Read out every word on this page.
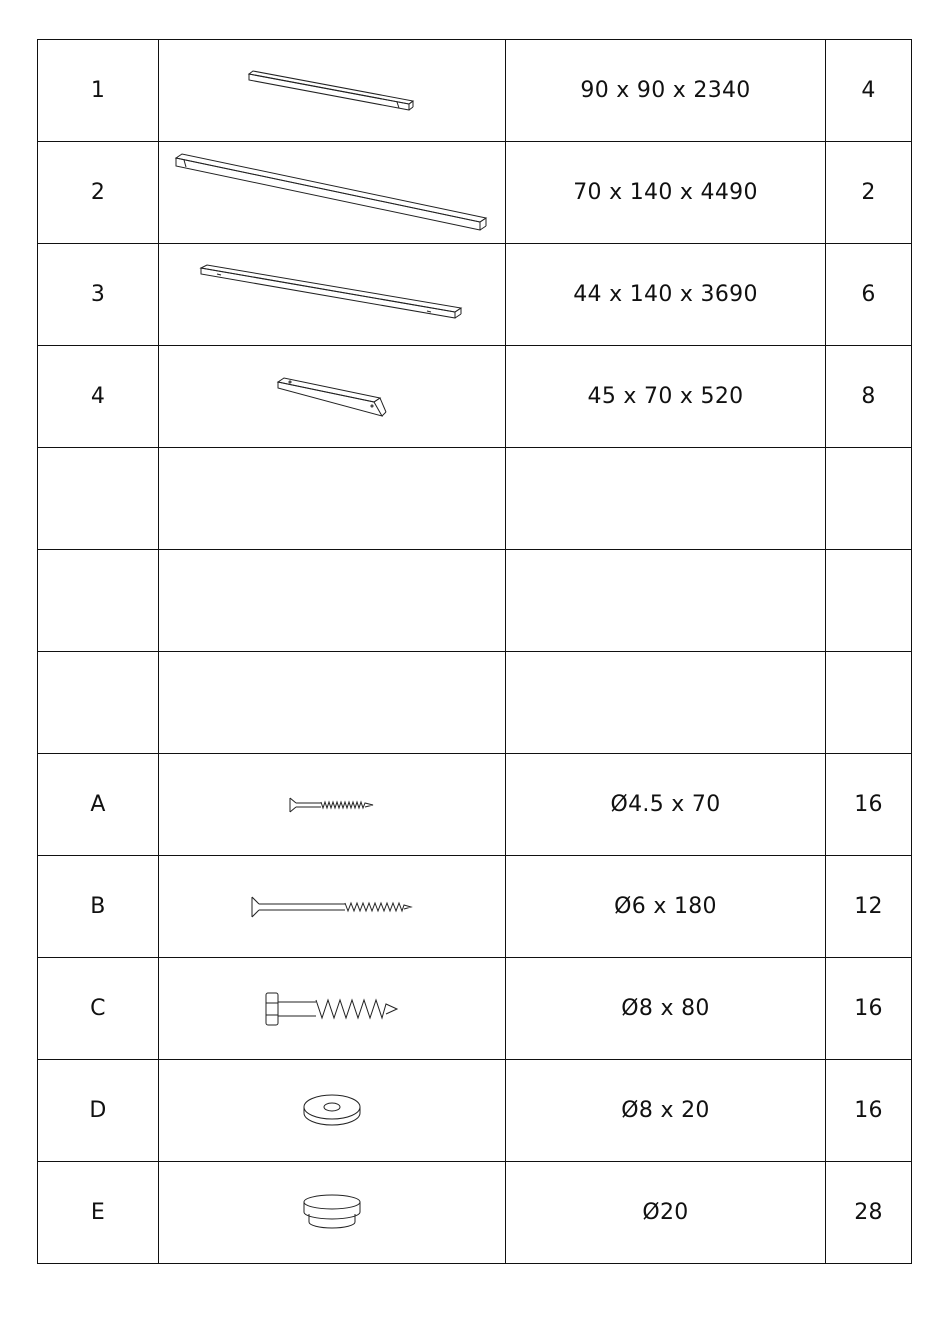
1		90 x 90 x 2340	4
2		70 x 140 x 4490	2
3		44 x 140 x 3690	6
4		45 x 70 x 520	8

A		Ø4.5 x 70	16
B		Ø6 x 180	12
C		Ø8 x 80	16
D		Ø8 x 20	16
E		Ø20	28
